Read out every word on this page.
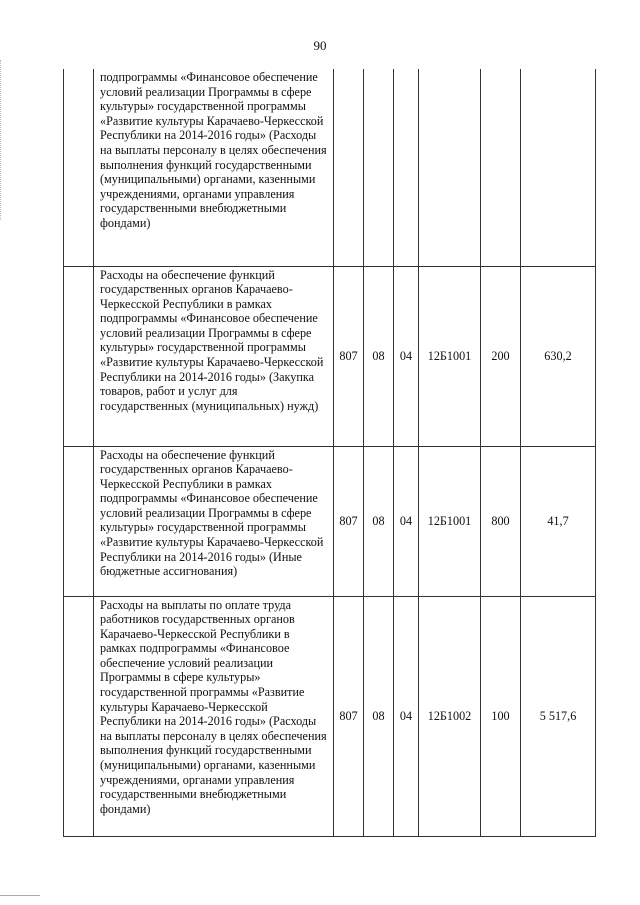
90
	подпрограммы «Финансовое обеспечение условий реализации Программы в сфере культуры» государственной программы «Развитие культуры Карачаево-Черкесской Республики на 2014-2016 годы» (Расходы на выплаты персоналу в целях обеспечения выполнения функций государственными (муниципальными) органами, казенными учреждениями, органами управления государственными внебюджетными фондами)						
	Расходы на обеспечение функций государственных органов Карачаево-Черкесской Республики в рамках подпрограммы «Финансовое обеспечение условий реализации Программы в сфере культуры» государственной программы «Развитие культуры Карачаево-Черкесской Республики на 2014-2016 годы» (Закупка товаров, работ и услуг для государственных (муниципальных) нужд)	807	08	04	12Б1001	200	630,2
	Расходы на обеспечение функций государственных органов Карачаево-Черкесской Республики в рамках подпрограммы «Финансовое обеспечение условий реализации Программы в сфере культуры» государственной программы «Развитие культуры Карачаево-Черкесской Республики на 2014-2016 годы» (Иные бюджетные ассигнования)	807	08	04	12Б1001	800	41,7
	Расходы на выплаты по оплате труда работников государственных органов Карачаево-Черкесской Республики в рамках подпрограммы «Финансовое обеспечение условий реализации Программы в сфере культуры» государственной программы «Развитие культуры Карачаево-Черкесской Республики на 2014-2016 годы» (Расходы на выплаты персоналу в целях обеспечения выполнения функций государственными (муниципальными) органами, казенными учреждениями, органами управления государственными внебюджетными фондами)	807	08	04	12Б1002	100	5 517,6
